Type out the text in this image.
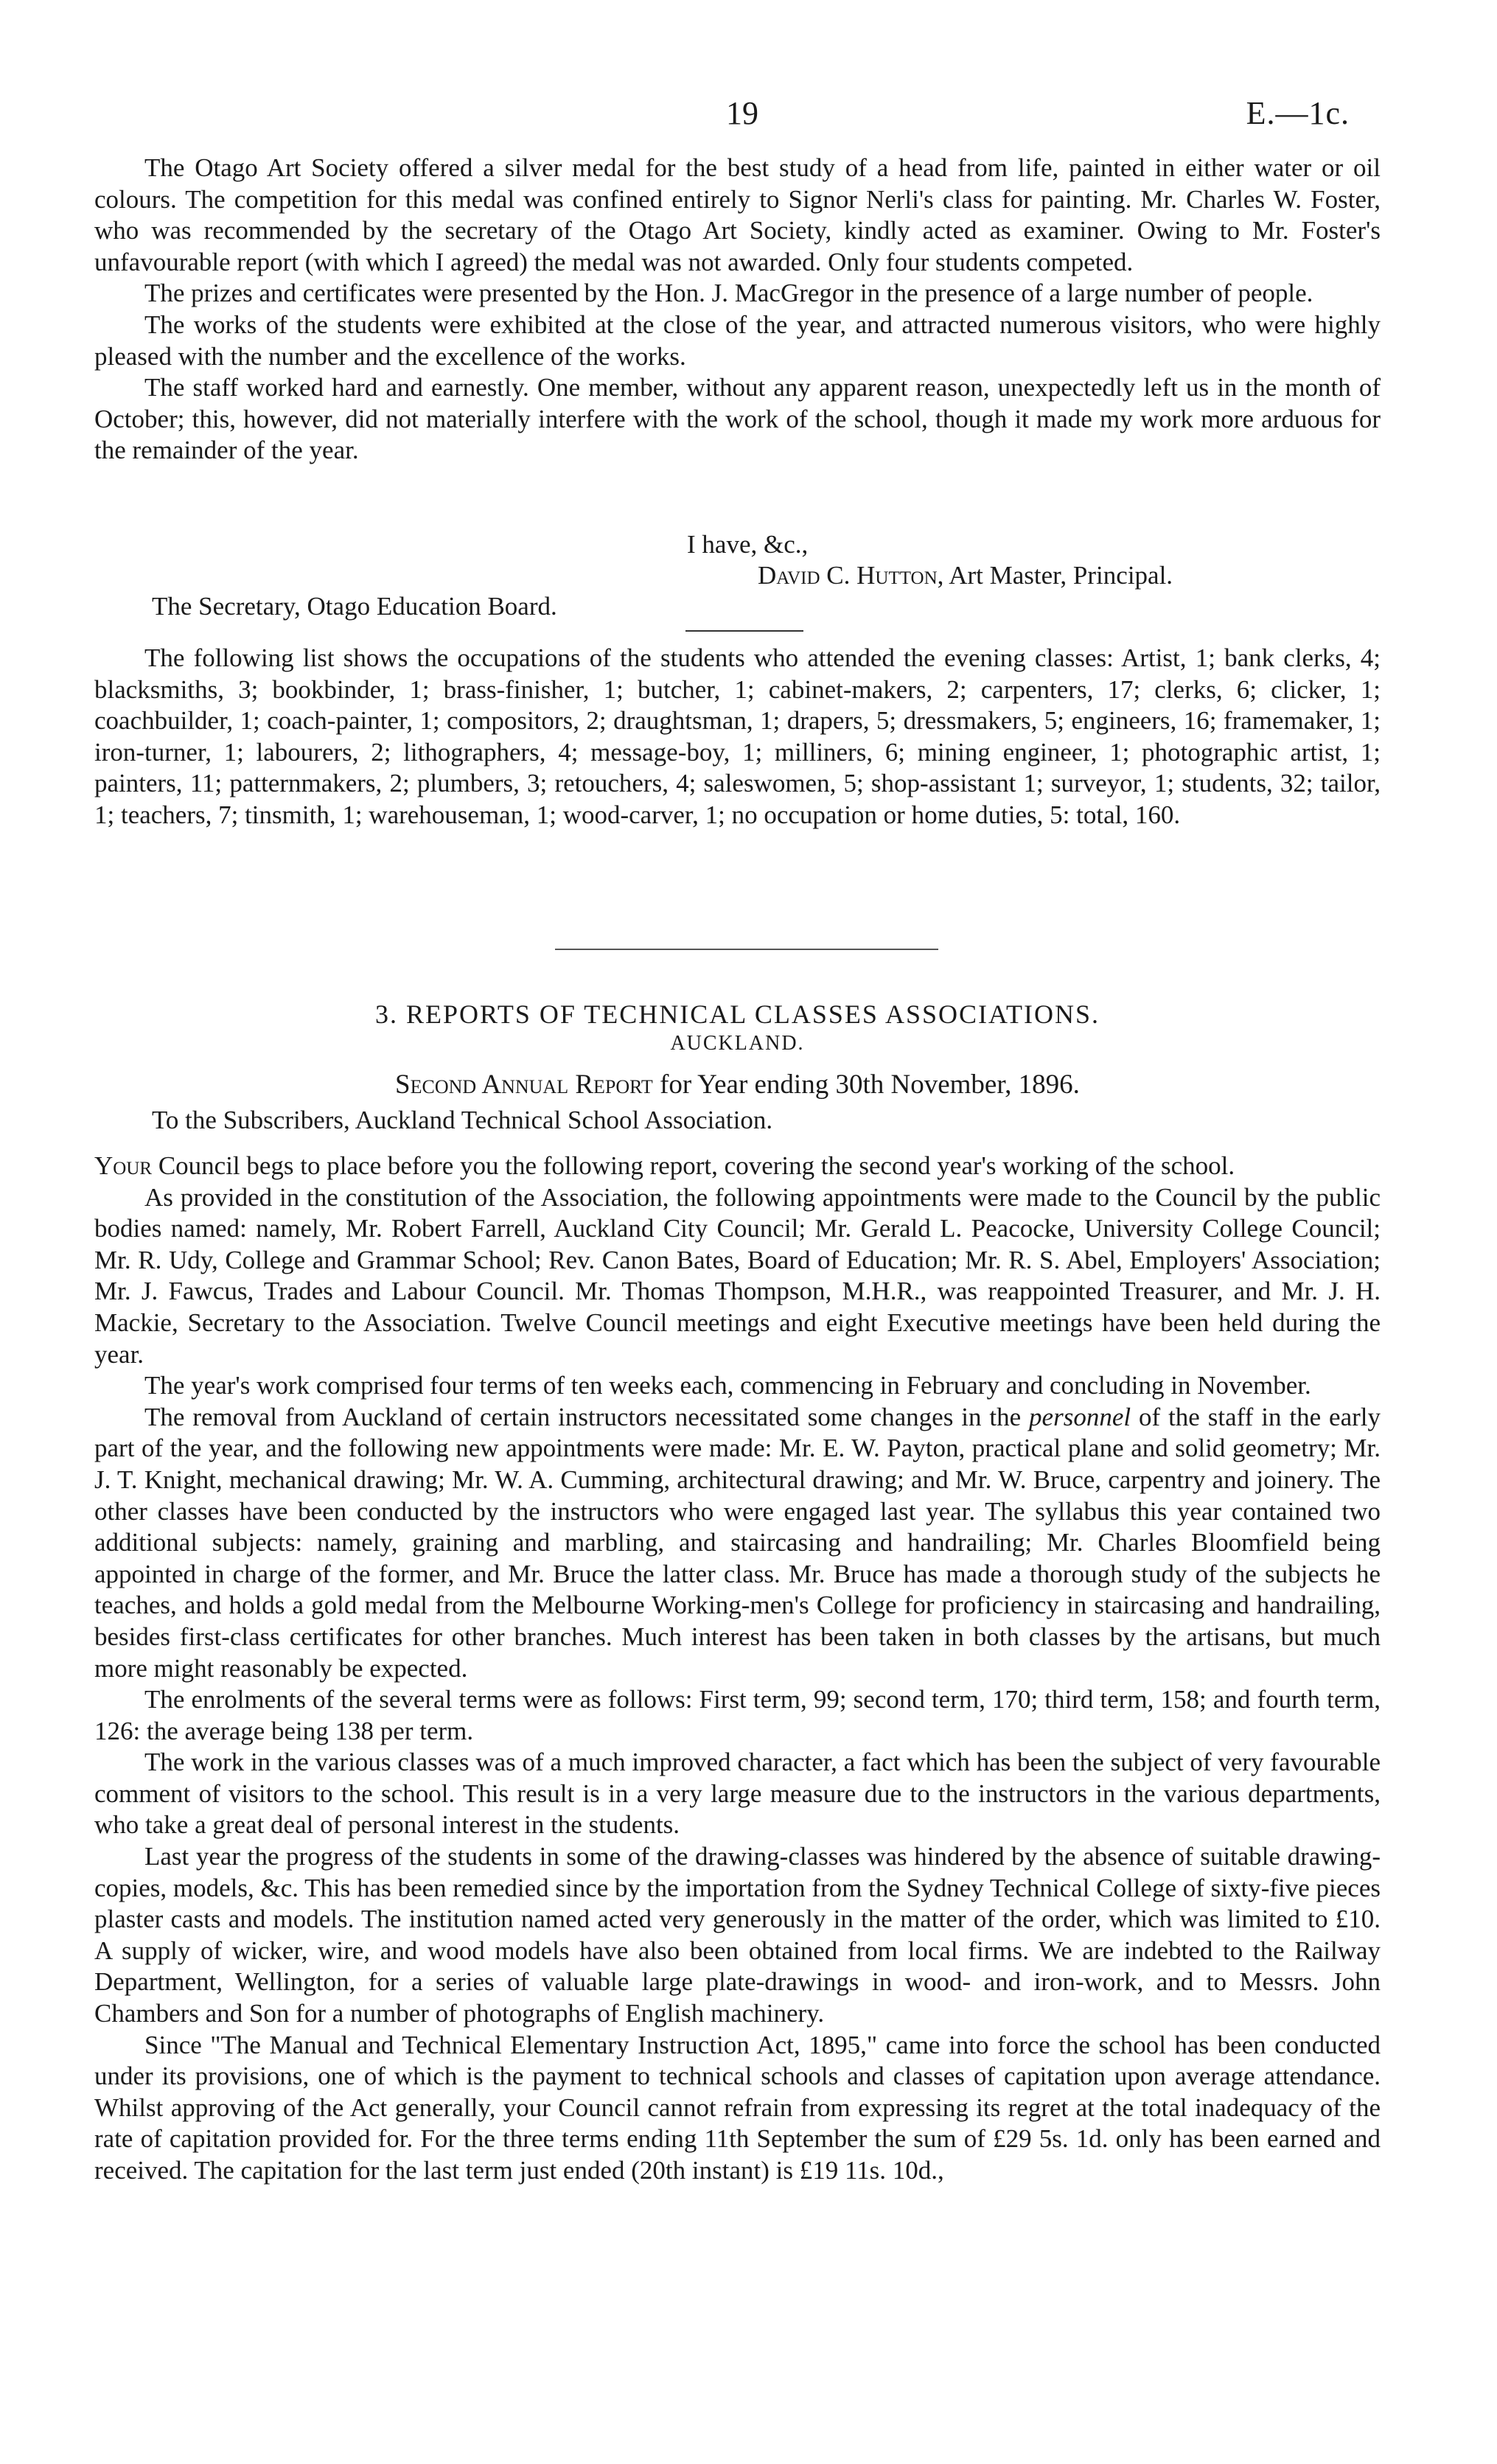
19	E.—1c.

The Otago Art Society offered a silver medal for the best study of a head from life, painted in either water or oil colours. The competition for this medal was confined entirely to Signor Nerli's class for painting. Mr. Charles W. Foster, who was recommended by the secretary of the Otago Art Society, kindly acted as examiner. Owing to Mr. Foster's unfavourable report (with which I agreed) the medal was not awarded. Only four students competed.

The prizes and certificates were presented by the Hon. J. MacGregor in the presence of a large number of people.

The works of the students were exhibited at the close of the year, and attracted numerous visitors, who were highly pleased with the number and the excellence of the works.

The staff worked hard and earnestly. One member, without any apparent reason, unexpectedly left us in the month of October; this, however, did not materially interfere with the work of the school, though it made my work more arduous for the remainder of the year.

I have, &c.,
David C. Hutton, Art Master, Principal.
The Secretary, Otago Education Board.

The following list shows the occupations of the students who attended the evening classes: Artist, 1; bank clerks, 4; blacksmiths, 3; bookbinder, 1; brass-finisher, 1; butcher, 1; cabinet-makers, 2; carpenters, 17; clerks, 6; clicker, 1; coachbuilder, 1; coach-painter, 1; compositors, 2; draughtsman, 1; drapers, 5; dressmakers, 5; engineers, 16; framemaker, 1; iron-turner, 1; labourers, 2; lithographers, 4; message-boy, 1; milliners, 6; mining engineer, 1; photographic artist, 1; painters, 11; patternmakers, 2; plumbers, 3; retouchers, 4; saleswomen, 5; shop-assistant 1; surveyor, 1; students, 32; tailor, 1; teachers, 7; tinsmith, 1; warehouseman, 1; wood-carver, 1; no occupation or home duties, 5: total, 160.

3. REPORTS OF TECHNICAL CLASSES ASSOCIATIONS.
AUCKLAND.
Second Annual Report for Year ending 30th November, 1896.
To the Subscribers, Auckland Technical School Association.

Your Council begs to place before you the following report, covering the second year's working of the school.

As provided in the constitution of the Association, the following appointments were made to the Council by the public bodies named: namely, Mr. Robert Farrell, Auckland City Council; Mr. Gerald L. Peacocke, University College Council; Mr. R. Udy, College and Grammar School; Rev. Canon Bates, Board of Education; Mr. R. S. Abel, Employers' Association; Mr. J. Fawcus, Trades and Labour Council. Mr. Thomas Thompson, M.H.R., was reappointed Treasurer, and Mr. J. H. Mackie, Secretary to the Association. Twelve Council meetings and eight Executive meetings have been held during the year.

The year's work comprised four terms of ten weeks each, commencing in February and concluding in November.

The removal from Auckland of certain instructors necessitated some changes in the personnel of the staff in the early part of the year, and the following new appointments were made: Mr. E. W. Payton, practical plane and solid geometry; Mr. J. T. Knight, mechanical drawing; Mr. W. A. Cumming, architectural drawing; and Mr. W. Bruce, carpentry and joinery. The other classes have been conducted by the instructors who were engaged last year. The syllabus this year contained two additional subjects: namely, graining and marbling, and staircasing and handrailing; Mr. Charles Bloomfield being appointed in charge of the former, and Mr. Bruce the latter class. Mr. Bruce has made a thorough study of the subjects he teaches, and holds a gold medal from the Melbourne Working-men's College for proficiency in staircasing and handrailing, besides first-class certificates for other branches. Much interest has been taken in both classes by the artisans, but much more might reasonably be expected.

The enrolments of the several terms were as follows: First term, 99; second term, 170; third term, 158; and fourth term, 126: the average being 138 per term.

The work in the various classes was of a much improved character, a fact which has been the subject of very favourable comment of visitors to the school. This result is in a very large measure due to the instructors in the various departments, who take a great deal of personal interest in the students.

Last year the progress of the students in some of the drawing-classes was hindered by the absence of suitable drawing-copies, models, &c. This has been remedied since by the importation from the Sydney Technical College of sixty-five pieces plaster casts and models. The institution named acted very generously in the matter of the order, which was limited to £10. A supply of wicker, wire, and wood models have also been obtained from local firms. We are indebted to the Railway Department, Wellington, for a series of valuable large plate-drawings in wood- and iron-work, and to Messrs. John Chambers and Son for a number of photographs of English machinery.

Since "The Manual and Technical Elementary Instruction Act, 1895," came into force the school has been conducted under its provisions, one of which is the payment to technical schools and classes of capitation upon average attendance. Whilst approving of the Act generally, your Council cannot refrain from expressing its regret at the total inadequacy of the rate of capitation provided for. For the three terms ending 11th September the sum of £29 5s. 1d. only has been earned and received. The capitation for the last term just ended (20th instant) is £19 11s. 10d.,
